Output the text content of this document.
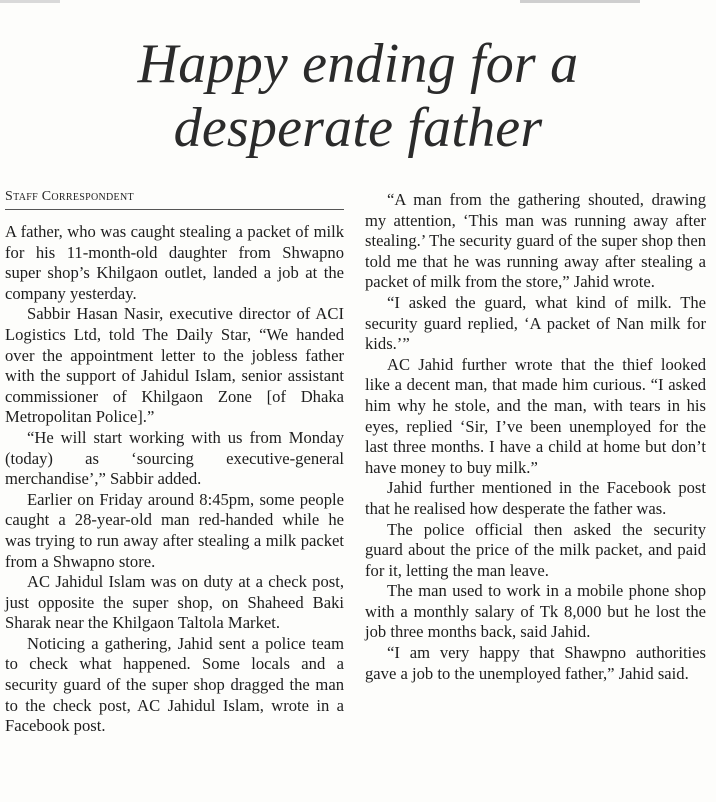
Happy ending for a
desperate father
Staff Correspondent

A father, who was caught stealing a packet of milk for his 11-month-old daughter from Shwapno super shop’s Khilgaon outlet, landed a job at the company yesterday.

Sabbir Hasan Nasir, executive director of ACI Logistics Ltd, told The Daily Star, “We handed over the appointment letter to the jobless father with the support of Jahidul Islam, senior assistant commissioner of Khilgaon Zone [of Dhaka Metropolitan Police].”

“He will start working with us from Monday (today) as ‘sourcing executive-general merchandise’,” Sabbir added.

Earlier on Friday around 8:45pm, some people caught a 28-year-old man red-handed while he was trying to run away after stealing a milk packet from a Shwapno store.

AC Jahidul Islam was on duty at a check post, just opposite the super shop, on Shaheed Baki Sharak near the Khilgaon Taltola Market.

Noticing a gathering, Jahid sent a police team to check what happened. Some locals and a security guard of the super shop dragged the man to the check post, AC Jahidul Islam, wrote in a Facebook post.

“A man from the gathering shouted, drawing my attention, ‘This man was running away after stealing.’ The security guard of the super shop then told me that he was running away after stealing a packet of milk from the store,” Jahid wrote.

“I asked the guard, what kind of milk. The security guard replied, ‘A packet of Nan milk for kids.’”

AC Jahid further wrote that the thief looked like a decent man, that made him curious. “I asked him why he stole, and the man, with tears in his eyes, replied ‘Sir, I’ve been unemployed for the last three months. I have a child at home but don’t have money to buy milk.”

Jahid further mentioned in the Facebook post that he realised how desperate the father was.

The police official then asked the security guard about the price of the milk packet, and paid for it, letting the man leave.

The man used to work in a mobile phone shop with a monthly salary of Tk 8,000 but he lost the job three months back, said Jahid.

“I am very happy that Shawpno authorities gave a job to the unemployed father,” Jahid said.
